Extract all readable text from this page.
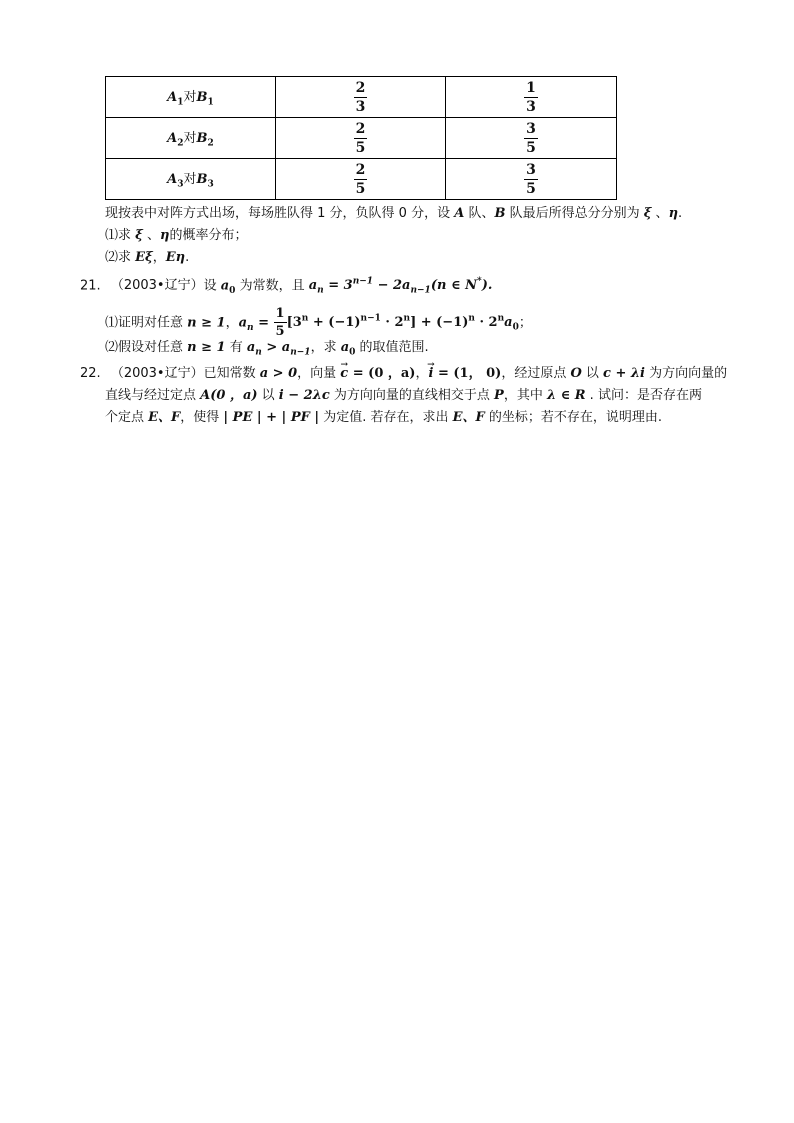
$A_1$对$B_1$	$\frac{2}{3}$	$\frac{1}{3}$

$A_2$对$B_2$	$\frac{2}{5}$	$\frac{3}{5}$

$A_3$对$B_3$	$\frac{2}{5}$	$\frac{3}{5}$
现按表中对阵方式出场，每场胜队得 1 分，负队得 0 分，设 A 队、B 队最后所得总分分别为 ξ 、η.
⑴求 ξ 、η的概率分布；
⑵求 Eξ，Eη.
21. （2003•辽宁）设 $a_0$ 为常数，且 $a_n = 3^{n-1} - 2a_{n-1}(n$ ∈ N*).
⑴证明对任意 n ≥ 1，$a_n = \frac{1}{5} [3^n + (-1)^{n-1} \cdot 2^n] + (-1)^n \cdot 2^na_0$；
⑵假设对任意 n ≥ 1 有 $a_n > a_{n-1}$，求 $a_0$ 的取值范围.
22. （2003•辽宁）已知常数 a > 0，向量 → c = (0 ，a)，→ i = (1， 0)，经过原点 O 以 c + λi 为方向向量的
直线与经过定点 A(0 ，a) 以 i − 2λc 为方向向量的直线相交于点 P，其中 λ ∈ R . 试问：是否存在两
个定点 E、F，使得 | PE | + | PF | 为定值. 若存在，求出 E、F 的坐标；若不存在，说明理由.
